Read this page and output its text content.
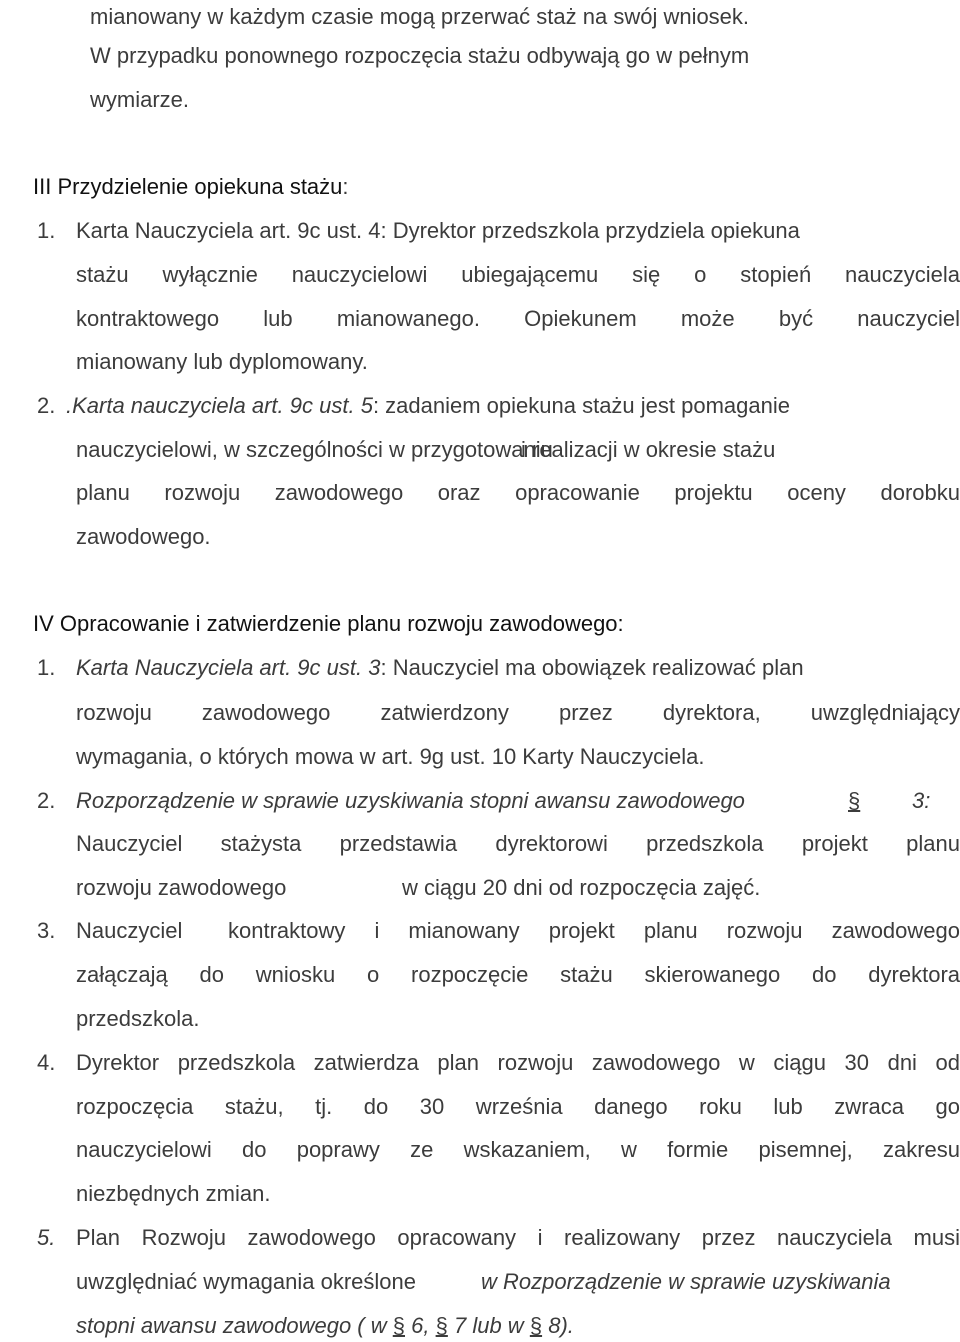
mianowany w każdym czasie mogą przerwać staż na swój wniosek.
W przypadku ponownego rozpoczęcia stażu odbywają go w pełnym
wymiarze.
III Przydzielenie opiekuna stażu:
1. Karta Nauczyciela art. 9c ust. 4: Dyrektor przedszkola przydziela opiekuna
stażu wyłącznie nauczycielowi ubiegającemu się o stopień nauczyciela
kontraktowego lub mianowanego. Opiekunem może być nauczyciel
mianowany lub dyplomowany.
2. .Karta nauczyciela art. 9c ust. 5: zadaniem opiekuna stażu jest pomaganie
nauczycielowi, w szczególności w przygotowaniu
i realizacji w okresie stażu
planu rozwoju zawodowego oraz opracowanie projektu oceny dorobku
zawodowego.
IV Opracowanie i zatwierdzenie planu rozwoju zawodowego:
1. Karta Nauczyciela art. 9c ust. 3: Nauczyciel ma obowiązek realizować plan
rozwoju zawodowego zatwierdzony przez dyrektora, uwzględniający
wymagania, o których mowa w art. 9g ust. 10 Karty Nauczyciela.
2. Rozporządzenie w sprawie uzyskiwania stopni awansu zawodowego	§ 3:
Nauczyciel stażysta przedstawia dyrektorowi przedszkola projekt planu
rozwoju zawodowego	w ciągu 20 dni od rozpoczęcia zajęć.
3. Nauczyciel kontraktowy i mianowany projekt planu rozwoju zawodowego
załączają do wniosku o rozpoczęcie stażu skierowanego do dyrektora
przedszkola.
4. Dyrektor przedszkola zatwierdza plan rozwoju zawodowego w ciągu 30 dni od
rozpoczęcia stażu, tj. do 30 września danego roku lub zwraca go
nauczycielowi do poprawy ze wskazaniem, w formie pisemnej, zakresu
niezbędnych zmian.
5. Plan Rozwoju zawodowego opracowany i realizowany przez nauczyciela musi
uwzględniać wymagania określone	w Rozporządzenie w sprawie uzyskiwania
stopni awansu zawodowego ( w § 6, § 7 lub w § 8).
